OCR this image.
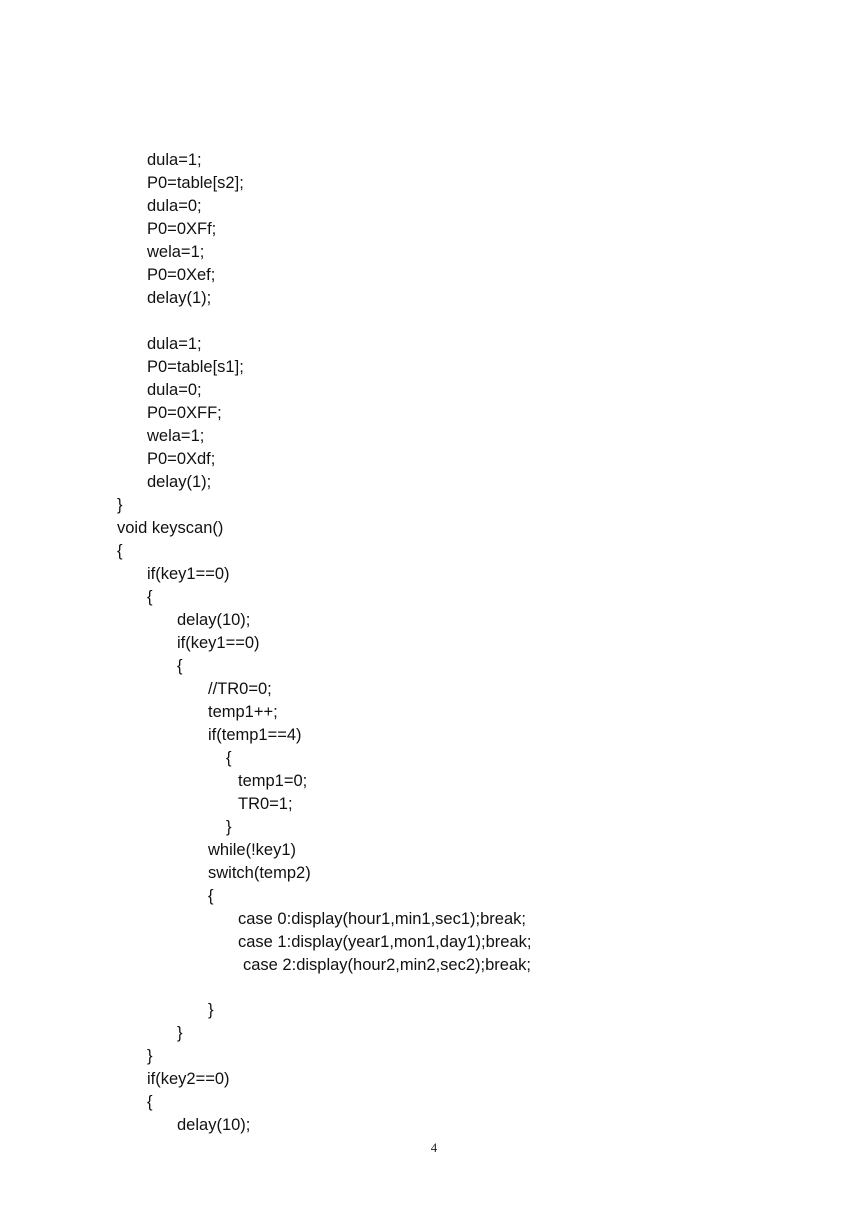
dula=1;
P0=table[s2];
dula=0;
P0=0XFf;
wela=1;
P0=0Xef;
delay(1);
dula=1;
P0=table[s1];
dula=0;
P0=0XFF;
wela=1;
P0=0Xdf;
delay(1);
}
void keyscan()
{
if(key1==0)
{
delay(10);
if(key1==0)
{
//TR0=0;
temp1++;
if(temp1==4)
{
temp1=0;
TR0=1;
}
while(!key1)
switch(temp2)
{
case 0:display(hour1,min1,sec1);break;
case 1:display(year1,mon1,day1);break;
case 2:display(hour2,min2,sec2);break;
}
}
}
if(key2==0)
{
delay(10);
4
